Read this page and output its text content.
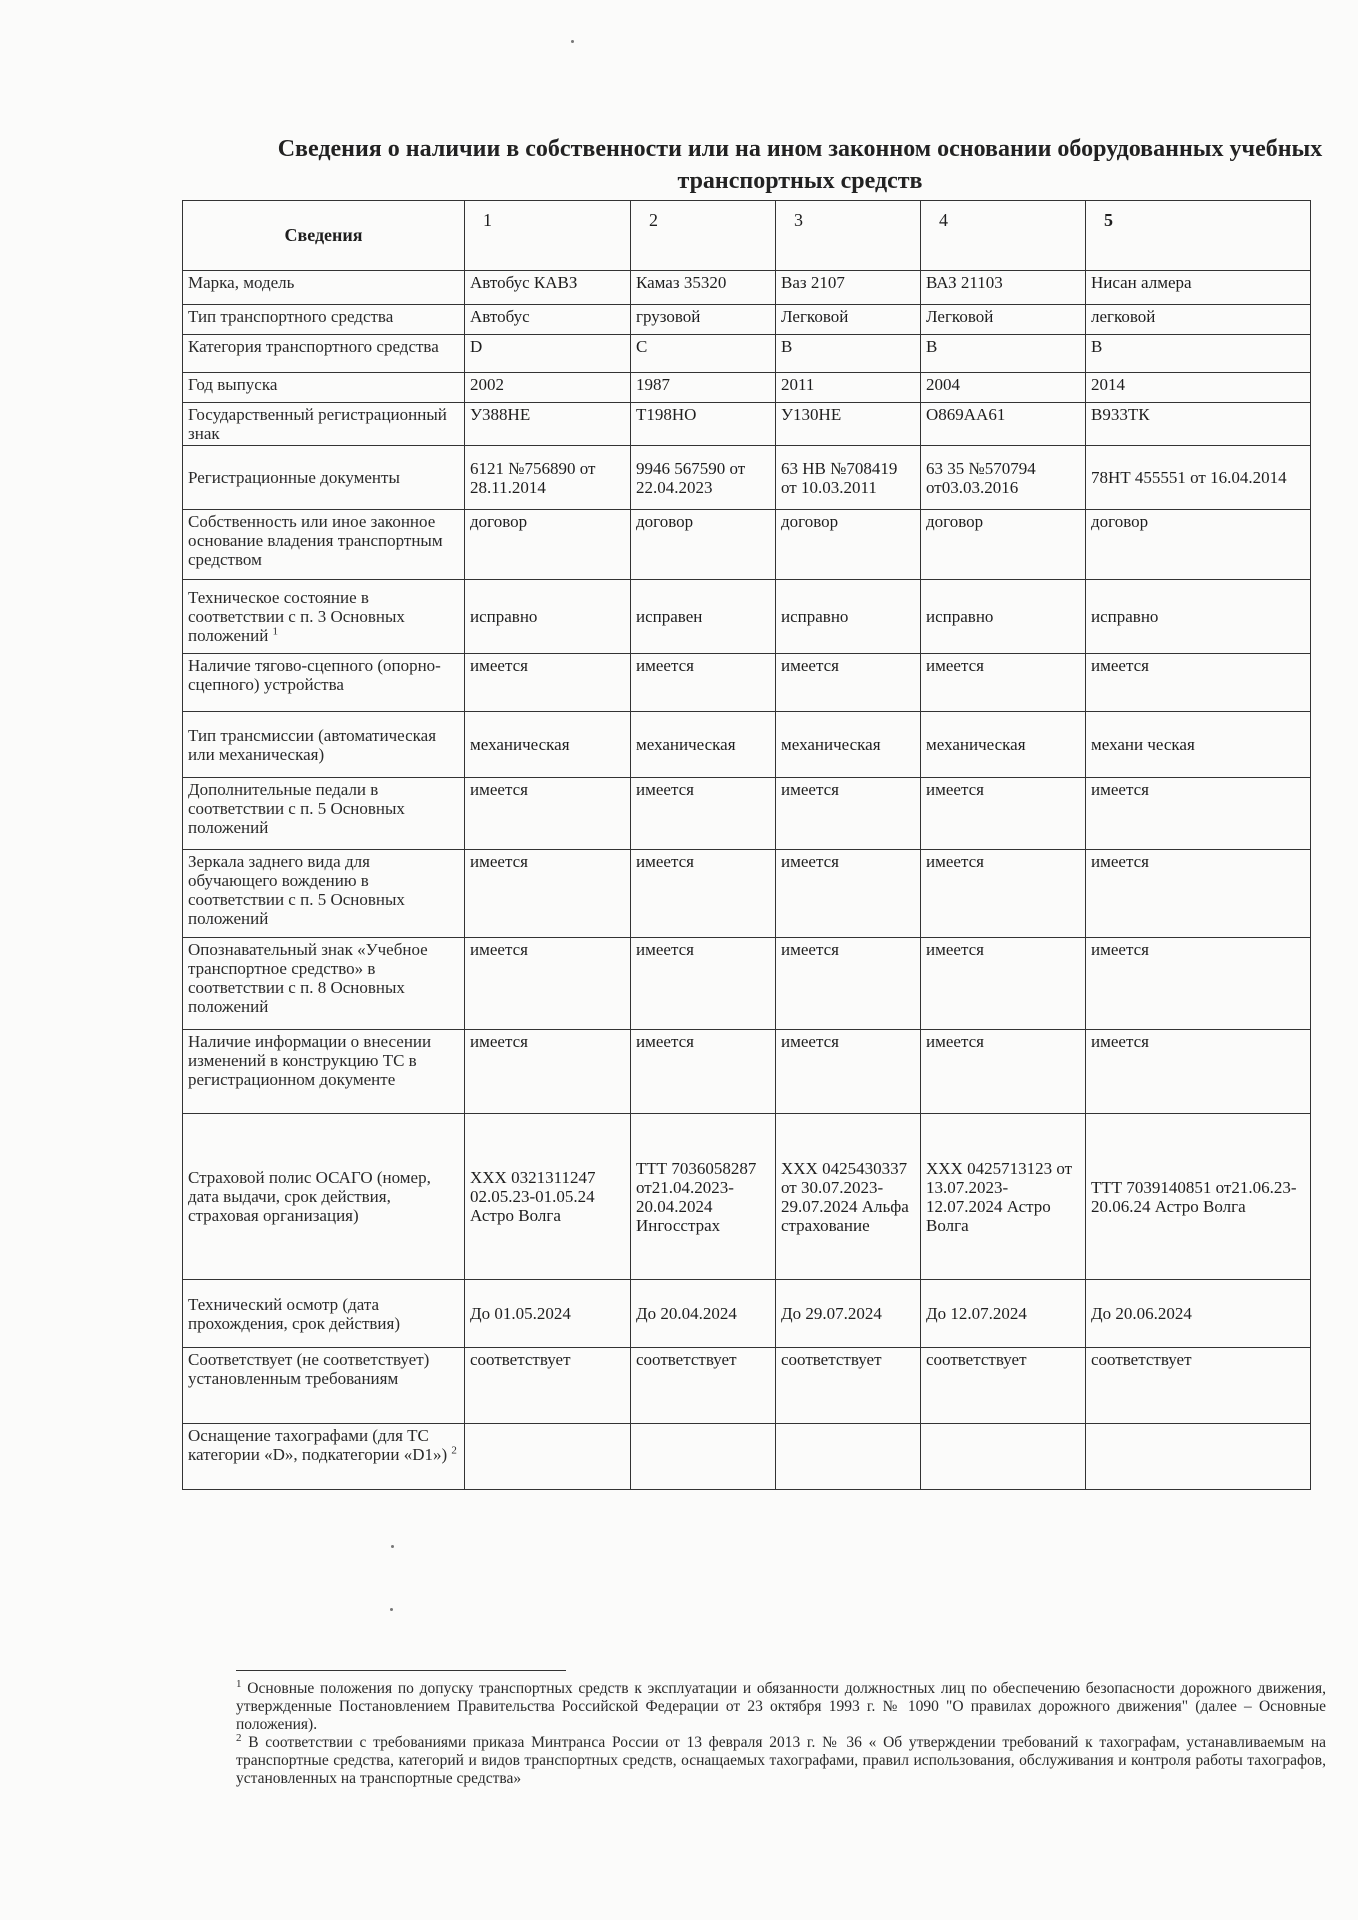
Сведения о наличии в собственности или на ином законном основании оборудованных учебных транспортных средств
Сведения	1	2	3	4	5
Марка, модель	Автобус КАВЗ	Камаз 35320	Ваз 2107	ВАЗ 21103	Нисан алмера

Тип транспортного средства	Автобус	грузовой	Легковой	Легковой	легковой

Категория транспортного средства	D	C	B	B	B

Год выпуска	2002	1987	2011	2004	2014

Государственный регистрационный знак	У388НЕ	Т198НО	У130НЕ	О869АА61	В933ТК

Регистрационные документы	6121 №756890 от 28.11.2014	9946 567590 от 22.04.2023	63 НВ №708419 от 10.03.2011	63 35 №570794 от03.03.2016	78НТ 455551 от 16.04.2014

Собственность или иное законное основание владения транспортным средством	договор	договор	договор	договор	договор

Техническое состояние в соответствии с п. 3 Основных положений $^1$	исправно	исправен	исправно	исправно	исправно

Наличие тягово-сцепного (опорно-сцепного) устройства	имеется	имеется	имеется	имеется	имеется

Тип трансмиссии (автоматическая или механическая)	механическая	механическая	механическая	механическая	механи ческая

Дополнительные педали в соответствии с п. 5 Основных положений	имеется	имеется	имеется	имеется	имеется

Зеркала заднего вида для обучающего вождению в соответствии с п. 5 Основных положений	имеется	имеется	имеется	имеется	имеется

Опознавательный знак «Учебное транспортное средство» в соответствии с п. 8 Основных положений	имеется	имеется	имеется	имеется	имеется

Наличие информации о внесении изменений в конструкцию ТС в регистрационном документе	имеется	имеется	имеется	имеется	имеется

Страховой полис ОСАГО (номер, дата выдачи, срок действия, страховая организация)	ХХХ 0321311247 02.05.23-01.05.24 Астро Волга	ТТТ 7036058287 от21.04.2023-20.04.2024 Ингосстрах	ХХХ 0425430337 от 30.07.2023-29.07.2024 Альфа страхование	ХХХ 0425713123 от 13.07.2023-12.07.2024 Астро Волга	ТТТ 7039140851 от21.06.23-20.06.24 Астро Волга

Технический осмотр (дата прохождения, срок действия)	До 01.05.2024	До 20.04.2024	До 29.07.2024	До 12.07.2024	До 20.06.2024

Соответствует (не соответствует) установленным требованиям	соответствует	соответствует	соответствует	соответствует	соответствует

Оснащение тахографами (для ТС категории «D», подкатегории «D1») $^2$	

$^1$ Основные положения по допуску транспортных средств к эксплуатации и обязанности должностных лиц по обеспечению безопасности дорожного движения, утвержденные Постановлением Правительства Российской Федерации от 23 октября 1993 г. № 1090 "О правилах дорожного движения" (далее – Основные положения).

$^2$ В соответствии с требованиями приказа Минтранса России от 13 февраля 2013 г. № 36 « Об утверждении требований к тахографам, устанавливаемым на транспортные средства, категорий и видов транспортных средств, оснащаемых тахографами, правил использования, обслуживания и контроля работы тахографов, установленных на транспортные средства»
